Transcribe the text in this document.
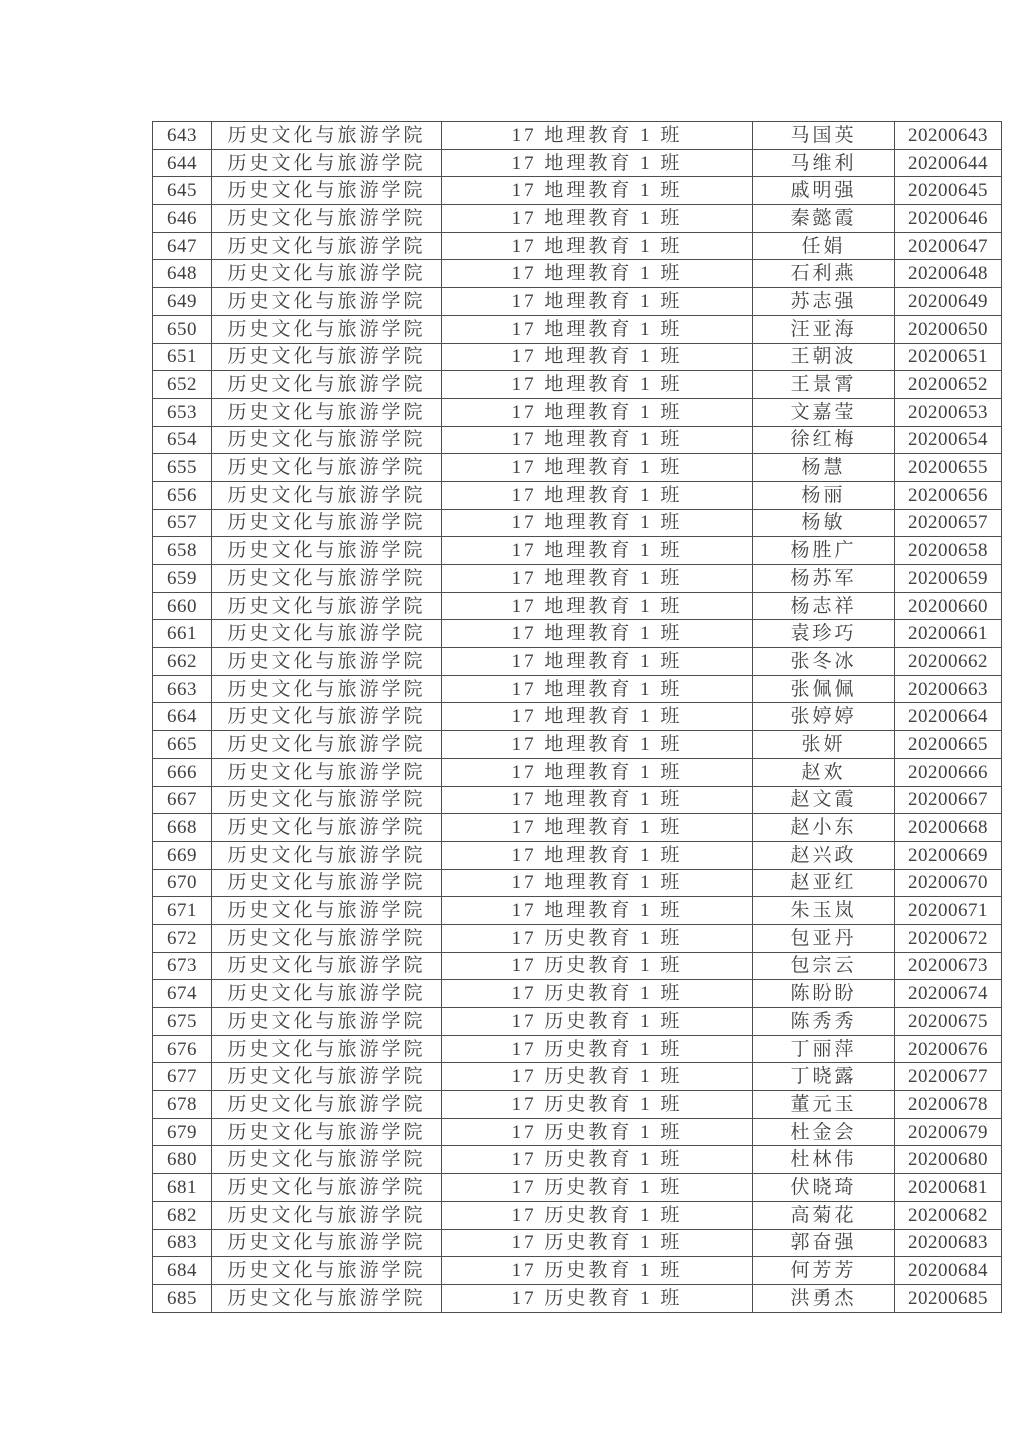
643	历史文化与旅游学院	17 地理教育 1 班	马国英	20200643
644	历史文化与旅游学院	17 地理教育 1 班	马维利	20200644
645	历史文化与旅游学院	17 地理教育 1 班	戚明强	20200645
646	历史文化与旅游学院	17 地理教育 1 班	秦懿霞	20200646
647	历史文化与旅游学院	17 地理教育 1 班	任娟	20200647
648	历史文化与旅游学院	17 地理教育 1 班	石利燕	20200648
649	历史文化与旅游学院	17 地理教育 1 班	苏志强	20200649
650	历史文化与旅游学院	17 地理教育 1 班	汪亚海	20200650
651	历史文化与旅游学院	17 地理教育 1 班	王朝波	20200651
652	历史文化与旅游学院	17 地理教育 1 班	王景霄	20200652
653	历史文化与旅游学院	17 地理教育 1 班	文嘉莹	20200653
654	历史文化与旅游学院	17 地理教育 1 班	徐红梅	20200654
655	历史文化与旅游学院	17 地理教育 1 班	杨慧	20200655
656	历史文化与旅游学院	17 地理教育 1 班	杨丽	20200656
657	历史文化与旅游学院	17 地理教育 1 班	杨敏	20200657
658	历史文化与旅游学院	17 地理教育 1 班	杨胜广	20200658
659	历史文化与旅游学院	17 地理教育 1 班	杨苏军	20200659
660	历史文化与旅游学院	17 地理教育 1 班	杨志祥	20200660
661	历史文化与旅游学院	17 地理教育 1 班	袁珍巧	20200661
662	历史文化与旅游学院	17 地理教育 1 班	张冬冰	20200662
663	历史文化与旅游学院	17 地理教育 1 班	张佩佩	20200663
664	历史文化与旅游学院	17 地理教育 1 班	张婷婷	20200664
665	历史文化与旅游学院	17 地理教育 1 班	张妍	20200665
666	历史文化与旅游学院	17 地理教育 1 班	赵欢	20200666
667	历史文化与旅游学院	17 地理教育 1 班	赵文霞	20200667
668	历史文化与旅游学院	17 地理教育 1 班	赵小东	20200668
669	历史文化与旅游学院	17 地理教育 1 班	赵兴政	20200669
670	历史文化与旅游学院	17 地理教育 1 班	赵亚红	20200670
671	历史文化与旅游学院	17 地理教育 1 班	朱玉岚	20200671
672	历史文化与旅游学院	17 历史教育 1 班	包亚丹	20200672
673	历史文化与旅游学院	17 历史教育 1 班	包宗云	20200673
674	历史文化与旅游学院	17 历史教育 1 班	陈盼盼	20200674
675	历史文化与旅游学院	17 历史教育 1 班	陈秀秀	20200675
676	历史文化与旅游学院	17 历史教育 1 班	丁丽萍	20200676
677	历史文化与旅游学院	17 历史教育 1 班	丁晓露	20200677
678	历史文化与旅游学院	17 历史教育 1 班	董元玉	20200678
679	历史文化与旅游学院	17 历史教育 1 班	杜金会	20200679
680	历史文化与旅游学院	17 历史教育 1 班	杜林伟	20200680
681	历史文化与旅游学院	17 历史教育 1 班	伏晓琦	20200681
682	历史文化与旅游学院	17 历史教育 1 班	高菊花	20200682
683	历史文化与旅游学院	17 历史教育 1 班	郭奋强	20200683
684	历史文化与旅游学院	17 历史教育 1 班	何芳芳	20200684
685	历史文化与旅游学院	17 历史教育 1 班	洪勇杰	20200685
